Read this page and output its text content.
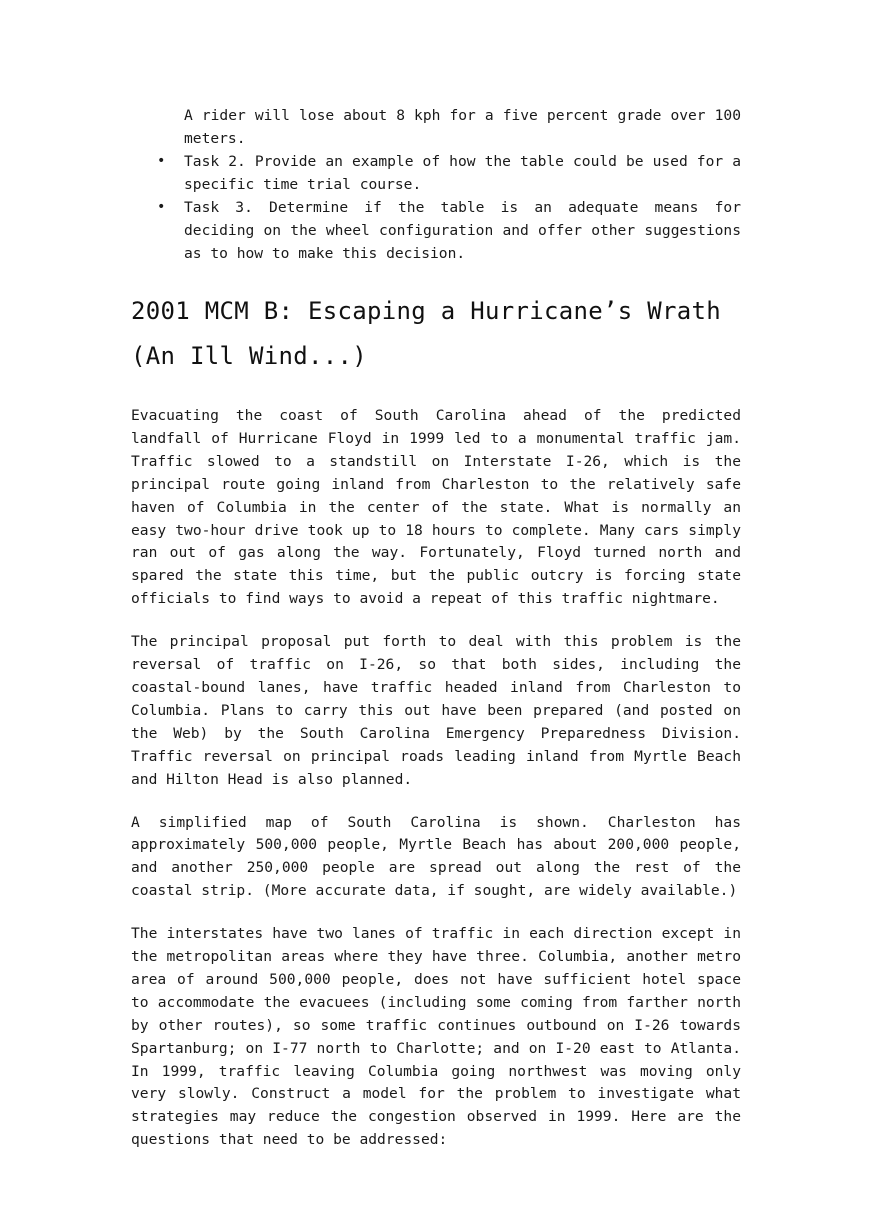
A rider will lose about 8 kph for a five percent grade over 100 meters.

• Task 2. Provide an example of how the table could be used for a specific time trial course.
• Task 3. Determine if the table is an adequate means for deciding on the wheel configuration and offer other suggestions as to how to make this decision.
2001 MCM B: Escaping a Hurricane’s Wrath (An Ill Wind...)

Evacuating the coast of South Carolina ahead of the predicted landfall of Hurricane Floyd in 1999 led to a monumental traffic jam. Traffic slowed to a standstill on Interstate I-26, which is the principal route going inland from Charleston to the relatively safe haven of Columbia in the center of the state. What is normally an easy two-hour drive took up to 18 hours to complete. Many cars simply ran out of gas along the way. Fortunately, Floyd turned north and spared the state this time, but the public outcry is forcing state officials to find ways to avoid a repeat of this traffic nightmare.

The principal proposal put forth to deal with this problem is the reversal of traffic on I-26, so that both sides, including the coastal-bound lanes, have traffic headed inland from Charleston to Columbia. Plans to carry this out have been prepared (and posted on the Web) by the South Carolina Emergency Preparedness Division. Traffic reversal on principal roads leading inland from Myrtle Beach and Hilton Head is also planned.

A simplified map of South Carolina is shown. Charleston has approximately 500,000 people, Myrtle Beach has about 200,000 people, and another 250,000 people are spread out along the rest of the coastal strip. (More accurate data, if sought, are widely available.)

The interstates have two lanes of traffic in each direction except in the metropolitan areas where they have three. Columbia, another metro area of around 500,000 people, does not have sufficient hotel space to accommodate the evacuees (including some coming from farther north by other routes), so some traffic continues outbound on I-26 towards Spartanburg; on I-77 north to Charlotte; and on I-20 east to Atlanta. In 1999, traffic leaving Columbia going northwest was moving only very slowly. Construct a model for the problem to investigate what strategies may reduce the congestion observed in 1999. Here are the questions that need to be addressed:
